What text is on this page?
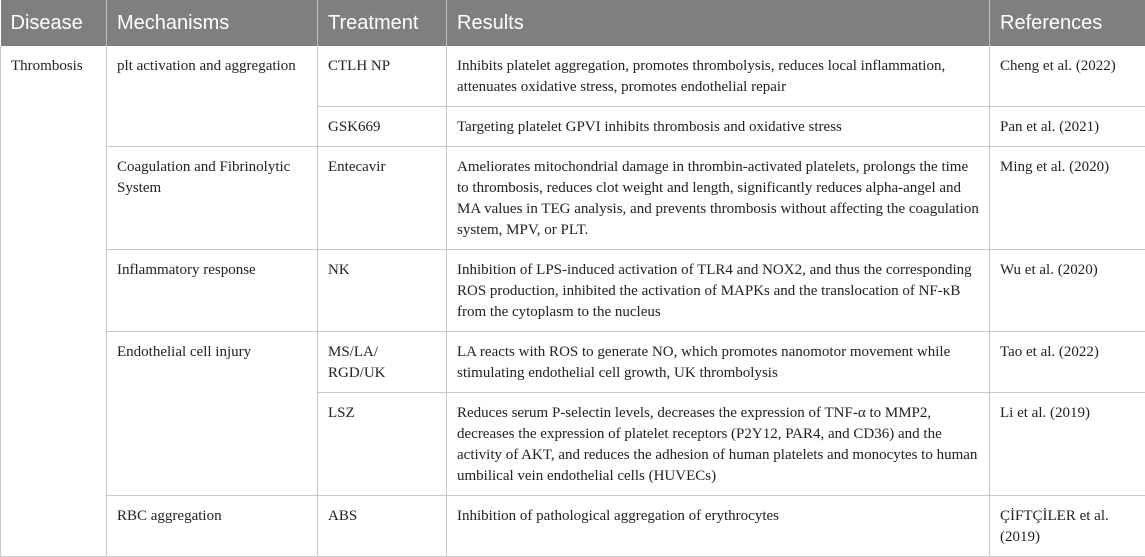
Disease	Mechanisms	Treatment	Results	References
Thrombosis	plt activation and aggregation	CTLH NP	Inhibits platelet aggregation, promotes thrombolysis, reduces local inflammation, attenuates oxidative stress, promotes endothelial repair	Cheng et al. (2022)
		GSK669	Targeting platelet GPVI inhibits thrombosis and oxidative stress	Pan et al. (2021)
	Coagulation and Fibrinolytic System	Entecavir	Ameliorates mitochondrial damage in thrombin-activated platelets, prolongs the time to thrombosis, reduces clot weight and length, significantly reduces alpha-angel and MA values in TEG analysis, and prevents thrombosis without affecting the coagulation system, MPV, or PLT.	Ming et al. (2020)
	Inflammatory response	NK	Inhibition of LPS-induced activation of TLR4 and NOX2, and thus the corresponding ROS production, inhibited the activation of MAPKs and the translocation of NF-κB from the cytoplasm to the nucleus	Wu et al. (2020)
	Endothelial cell injury	MS/LA/ RGD/UK	LA reacts with ROS to generate NO, which promotes nanomotor movement while stimulating endothelial cell growth, UK thrombolysis	Tao et al. (2022)
		LSZ	Reduces serum P-selectin levels, decreases the expression of TNF-α to MMP2, decreases the expression of platelet receptors (P2Y12, PAR4, and CD36) and the activity of AKT, and reduces the adhesion of human platelets and monocytes to human umbilical vein endothelial cells (HUVECs)	Li et al. (2019)
	RBC aggregation	ABS	Inhibition of pathological aggregation of erythrocytes	ÇİFTÇİLER et al. (2019)
